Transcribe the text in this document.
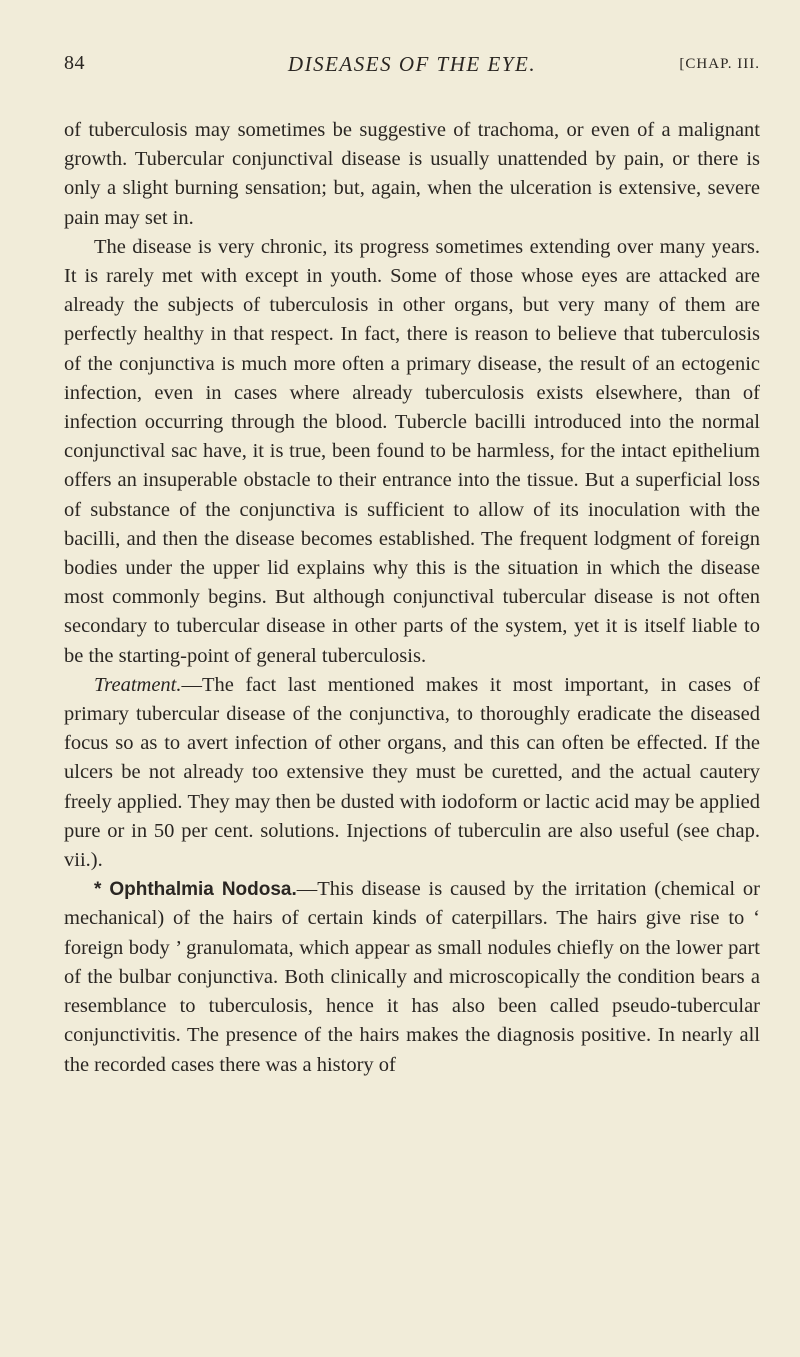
84	DISEASES OF THE EYE.	[CHAP. III.

of tuberculosis may sometimes be suggestive of trachoma, or even of a malignant growth. Tubercular conjunctival disease is usually unattended by pain, or there is only a slight burning sensation; but, again, when the ulceration is extensive, severe pain may set in.

The disease is very chronic, its progress sometimes extending over many years. It is rarely met with except in youth. Some of those whose eyes are attacked are already the subjects of tuberculosis in other organs, but very many of them are perfectly healthy in that respect. In fact, there is reason to believe that tuberculosis of the conjunctiva is much more often a primary disease, the result of an ectogenic infection, even in cases where already tuberculosis exists elsewhere, than of infection occurring through the blood. Tubercle bacilli introduced into the normal conjunctival sac have, it is true, been found to be harmless, for the intact epithelium offers an insuperable obstacle to their entrance into the tissue. But a superficial loss of substance of the conjunctiva is sufficient to allow of its inoculation with the bacilli, and then the disease becomes established. The frequent lodgment of foreign bodies under the upper lid explains why this is the situation in which the disease most commonly begins. But although conjunctival tubercular disease is not often secondary to tubercular disease in other parts of the system, yet it is itself liable to be the starting-point of general tuberculosis.

Treatment.—The fact last mentioned makes it most important, in cases of primary tubercular disease of the conjunctiva, to thoroughly eradicate the diseased focus so as to avert infection of other organs, and this can often be effected. If the ulcers be not already too extensive they must be curetted, and the actual cautery freely applied. They may then be dusted with iodoform or lactic acid may be applied pure or in 50 per cent. solutions. Injections of tuberculin are also useful (see chap. vii.).

* Ophthalmia Nodosa.—This disease is caused by the irritation (chemical or mechanical) of the hairs of certain kinds of caterpillars. The hairs give rise to ‘ foreign body ’ granulomata, which appear as small nodules chiefly on the lower part of the bulbar conjunctiva. Both clinically and microscopically the condition bears a resemblance to tuberculosis, hence it has also been called pseudo-tubercular conjunctivitis. The presence of the hairs makes the diagnosis positive. In nearly all the recorded cases there was a history of
